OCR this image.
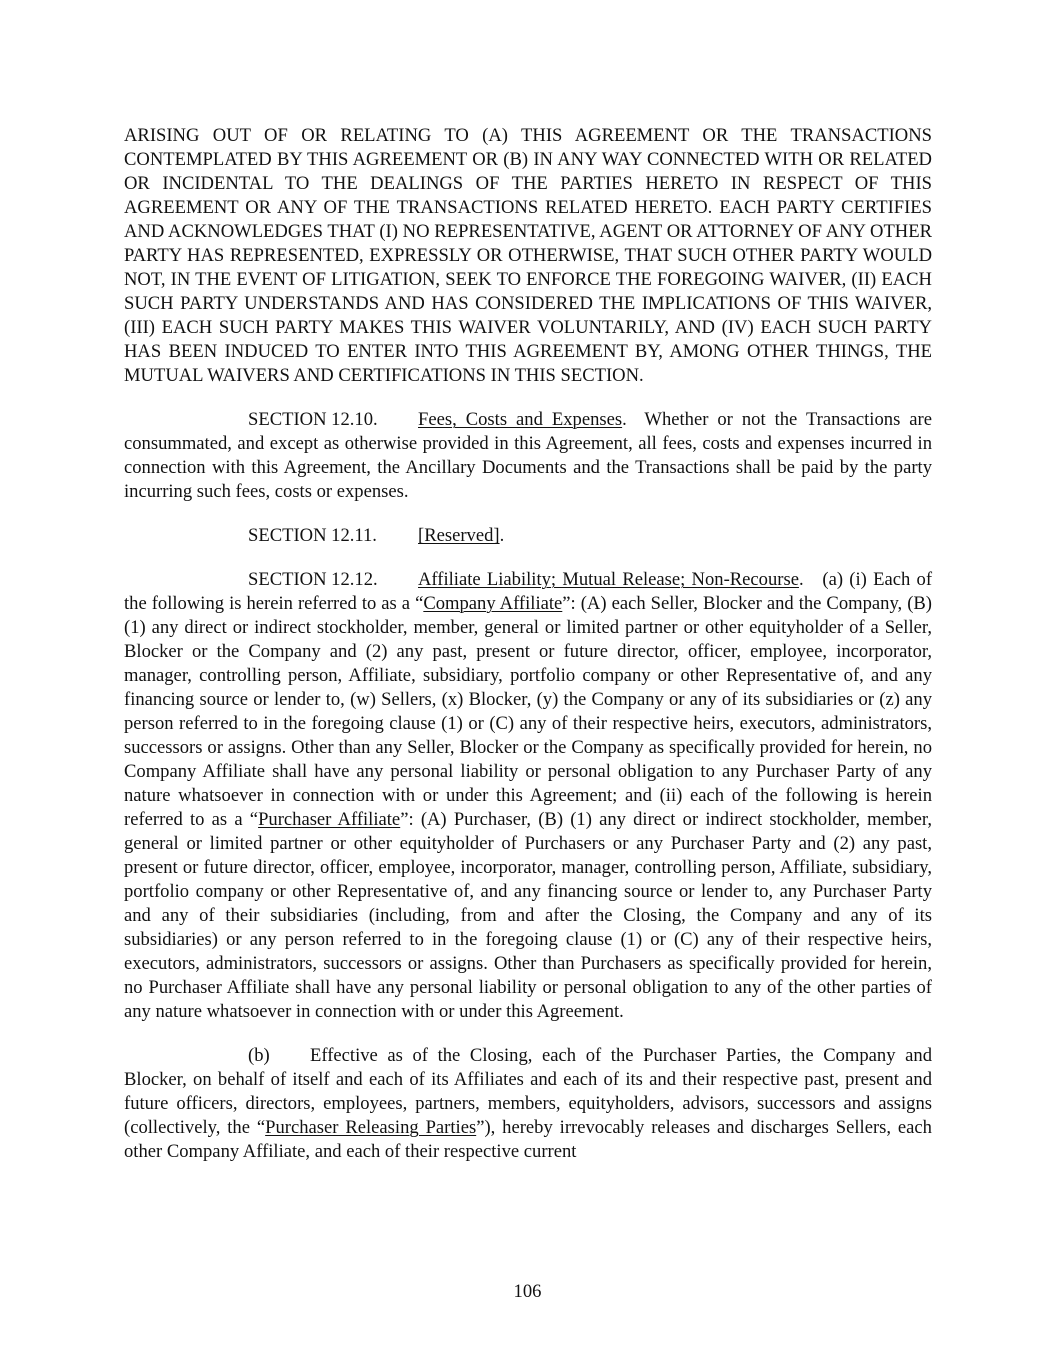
ARISING OUT OF OR RELATING TO (A) THIS AGREEMENT OR THE TRANSACTIONS CONTEMPLATED BY THIS AGREEMENT OR (B) IN ANY WAY CONNECTED WITH OR RELATED OR INCIDENTAL TO THE DEALINGS OF THE PARTIES HERETO IN RESPECT OF THIS AGREEMENT OR ANY OF THE TRANSACTIONS RELATED HERETO. EACH PARTY CERTIFIES AND ACKNOWLEDGES THAT (I) NO REPRESENTATIVE, AGENT OR ATTORNEY OF ANY OTHER PARTY HAS REPRESENTED, EXPRESSLY OR OTHERWISE, THAT SUCH OTHER PARTY WOULD NOT, IN THE EVENT OF LITIGATION, SEEK TO ENFORCE THE FOREGOING WAIVER, (II) EACH SUCH PARTY UNDERSTANDS AND HAS CONSIDERED THE IMPLICATIONS OF THIS WAIVER, (III) EACH SUCH PARTY MAKES THIS WAIVER VOLUNTARILY, AND (IV) EACH SUCH PARTY HAS BEEN INDUCED TO ENTER INTO THIS AGREEMENT BY, AMONG OTHER THINGS, THE MUTUAL WAIVERS AND CERTIFICATIONS IN THIS SECTION.

SECTION 12.10. Fees, Costs and Expenses. Whether or not the Transactions are consummated, and except as otherwise provided in this Agreement, all fees, costs and expenses incurred in connection with this Agreement, the Ancillary Documents and the Transactions shall be paid by the party incurring such fees, costs or expenses.

SECTION 12.11. [Reserved].

SECTION 12.12. Affiliate Liability; Mutual Release; Non-Recourse. (a) (i) Each of the following is herein referred to as a “Company Affiliate”: (A) each Seller, Blocker and the Company, (B) (1) any direct or indirect stockholder, member, general or limited partner or other equityholder of a Seller, Blocker or the Company and (2) any past, present or future director, officer, employee, incorporator, manager, controlling person, Affiliate, subsidiary, portfolio company or other Representative of, and any financing source or lender to, (w) Sellers, (x) Blocker, (y) the Company or any of its subsidiaries or (z) any person referred to in the foregoing clause (1) or (C) any of their respective heirs, executors, administrators, successors or assigns. Other than any Seller, Blocker or the Company as specifically provided for herein, no Company Affiliate shall have any personal liability or personal obligation to any Purchaser Party of any nature whatsoever in connection with or under this Agreement; and (ii) each of the following is herein referred to as a “Purchaser Affiliate”: (A) Purchaser, (B) (1) any direct or indirect stockholder, member, general or limited partner or other equityholder of Purchasers or any Purchaser Party and (2) any past, present or future director, officer, employee, incorporator, manager, controlling person, Affiliate, subsidiary, portfolio company or other Representative of, and any financing source or lender to, any Purchaser Party and any of their subsidiaries (including, from and after the Closing, the Company and any of its subsidiaries) or any person referred to in the foregoing clause (1) or (C) any of their respective heirs, executors, administrators, successors or assigns. Other than Purchasers as specifically provided for herein, no Purchaser Affiliate shall have any personal liability or personal obligation to any of the other parties of any nature whatsoever in connection with or under this Agreement.

(b) Effective as of the Closing, each of the Purchaser Parties, the Company and Blocker, on behalf of itself and each of its Affiliates and each of its and their respective past, present and future officers, directors, employees, partners, members, equityholders, advisors, successors and assigns (collectively, the “Purchaser Releasing Parties”), hereby irrevocably releases and discharges Sellers, each other Company Affiliate, and each of their respective current

106
